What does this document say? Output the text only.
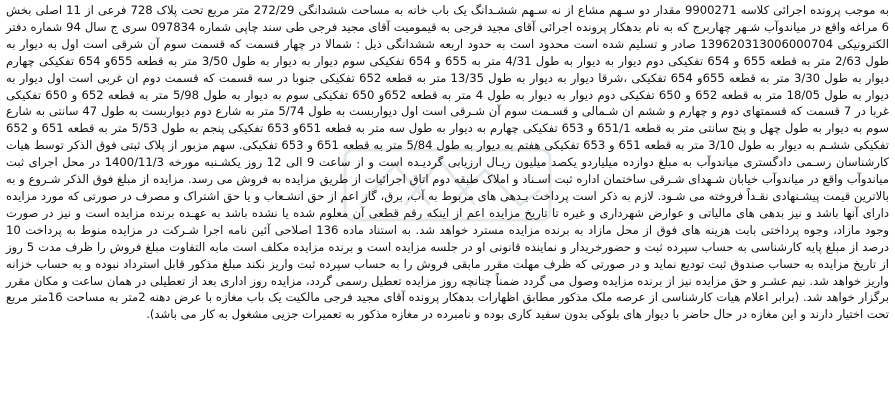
به موجب پرونده اجرائی کلاسه 9900271 مقدار دو سـهم مشاع از نه سـهم ششـدانگ یک باب خانه به مساحت ششدانگی 272/29 متر مربع تحت پلاک 728 فرعی از 11 اصلی بخش 6 مراغه واقع در میاندوآب شـهر چهاربرج که به نام بدهکار پرونده اجرائی آقای مجید فرجی به قیمومیت آقای مجید فرجی طی سند چاپی شماره 097834 سری ج سال 94 شماره دفتر الکترونیکی 139620313006000704 صادر و تسلیم شده است محدود است به حدود اربعه ششدانگی ذیل : شمالا در چهار قسمت که قسمت سوم آن شرقی است اول به دیوار به طول 2/63 متر به قطعه 655 و 654 تفکیکی دوم دیوار به دیوار به طول 4/31 متر به 655 و 654 تفکیکی سوم دیوار به دیوار به طول 3/50 متر به قطعه 655و 654 تفکیکی چهارم دیوار به طول 3/30 متر به قطعه 655و 654 تفکیکی ،شرقا دیوار به دیوار به طول 13/35 متر به قطعه 652 تفکیکی جنوبا در سه قسمت که قسمت دوم ان غربی است اول دیوار به دیوار به طول 18/05 متر به قطعه 652 و 650 تفکیکی دوم دیوار به دیوار به طول 4 متر به قطعه 652و 650 تفکیکی سوم به دیوار به طول 5/98 متر به قطعه 652 و 650 تفکیکی غربا در 7 قسمت که قسمتهای دوم و چهارم و ششم ان شـمالی و قسـمت سوم آن شـرقی است اول دیواربست به طول 5/74 متر به شارع دوم دیواربست به طول 47 سانتی به شارع سوم به دیوار به طول چهل و پنج سانتی متر به قطعه 651/1 و 653 تفکیکی چهارم به دیوار به طول سه متر به قطعه 651و 653 تفکیکی پنجم به طول 5/53 متر به قطعه 651 و 652 تفکیکی ششـم به دیوار به طول 3/10 متر به قطعه 651 و 653 تفکیکی هفتم به دیوار به طول 5/84 متر به قطعه 651 و 653 تفکیکی. سهم مزبور از پلاک ثبتی فوق الذکر توسط هیات کارشناسان رسـمی دادگستری میاندوآب به مبلغ دوازده میلیاردو یکصد میلیون ریـال ارزیابی گردیـده است و از ساعت 9 الی 12 روز یکشـنبه مورخه 1400/11/3 در محل اجرای ثبت میاندوآب واقع در میاندوآب خیابان شـهدای شـرقی ساختمان اداره ثبت اسـناد و املاک طبقه دوم اتاق اجرائیات از طریق مزایده به فروش می رسد. مزایده از مبلغ فوق الذکر شـروع و به بالاترین قیمت پیشـنهادی نقـداً فروخته می شـود. لازم به ذکر است پرداخت بـدهی های مربوط به آب، برق، گاز اعم از حق انشـعاب و یا حق اشتراک و مصرف در صورتی که مورد مزایده دارای آنها باشد و نیز بدهی های مالیاتی و عوارض شهرداری و غیره تا تاریخ مزایده اعم از اینکه رقم قطعی آن معلوم شده یا نشده باشد به عهـده برنده مزایده است و نیز در صورت وجود مازاد، وجوه پرداختی بابت هزینه های فوق از محل مازاد به برنده مزایده مسترد خواهد شد. به استناد ماده 136 اصلاحی آئین نامه اجرا شـرکت در مزایده منوط به پرداخت 10 درصد از مبلغ پایه کارشناسی به حساب سپرده ثبت و حضورخریدار و نماینده قانونی او در جلسه مزایده است و برنده مزایده مکلف است مابه التفاوت مبلغ فروش را ظرف مدت 5 روز از تاریخ مزایده به حساب صندوق ثبت تودیع نماید و در صورتی که ظرف مهلت مقرر مابقی فروش را به حساب سپرده ثبت واریز نکند مبلغ مذکور قابل استرداد نبوده و به حساب خزانه واریز خواهد شد. نیم عشـر و حق مزایده نیز از برنده مزایده وصول می گردد ضمناً چنانچه روز مزایده تعطیل رسمی گردد، مزایده روز اداری بعد از تعطیلی در همان ساعت و مکان مقرر برگزار خواهد شد. (برابر اعلام هیات کارشناسی از عرصه ملک مذکور مطابق اظهارات بدهکار پرونده آقای مجید فرجی مالکیت یک باب مغازه با عرض دهنه 2متر به مساحت 16متر مربع تحت اختیار دارند و این مغازه در حال حاضر با دیوار های بلوکی بدون سفید کاری بوده و نامبرده در مغازه مذکور به تعمیرات جزیی مشغول به کار می باشد).
